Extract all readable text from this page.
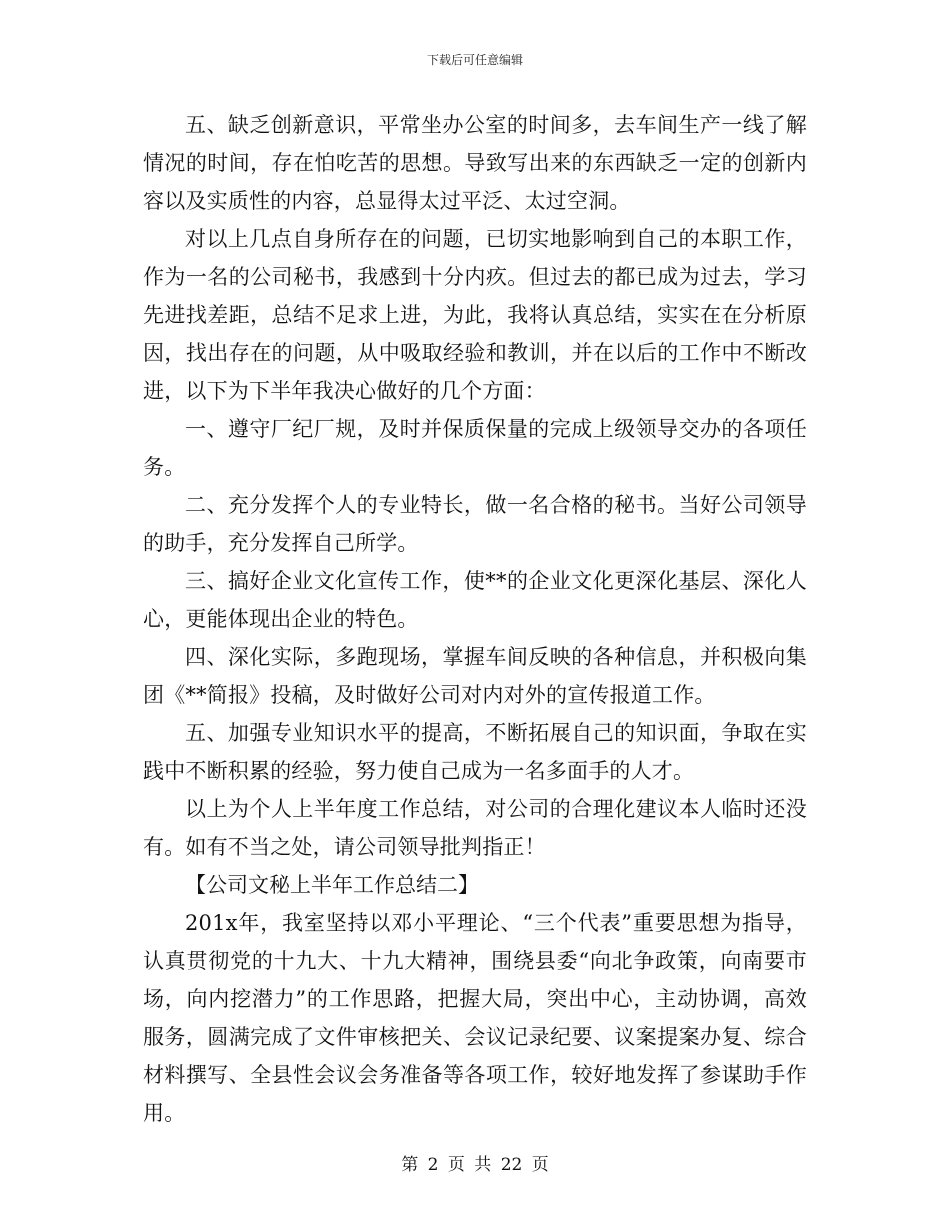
下载后可任意编辑

五、缺乏创新意识，平常坐办公室的时间多，去车间生产一线了解情况的时间，存在怕吃苦的思想。导致写出来的东西缺乏一定的创新内容以及实质性的内容，总显得太过平泛、太过空洞。

对以上几点自身所存在的问题，已切实地影响到自己的本职工作，作为一名的公司秘书，我感到十分内疚。但过去的都已成为过去，学习先进找差距，总结不足求上进，为此，我将认真总结，实实在在分析原因，找出存在的问题，从中吸取经验和教训，并在以后的工作中不断改进，以下为下半年我决心做好的几个方面：

一、遵守厂纪厂规，及时并保质保量的完成上级领导交办的各项任务。

二、充分发挥个人的专业特长，做一名合格的秘书。当好公司领导的助手，充分发挥自己所学。

三、搞好企业文化宣传工作，使**的企业文化更深化基层、深化人心，更能体现出企业的特色。

四、深化实际，多跑现场，掌握车间反映的各种信息，并积极向集团《**简报》投稿，及时做好公司对内对外的宣传报道工作。

五、加强专业知识水平的提高，不断拓展自己的知识面，争取在实践中不断积累的经验，努力使自己成为一名多面手的人才。

以上为个人上半年度工作总结，对公司的合理化建议本人临时还没有。如有不当之处，请公司领导批判指正！

【公司文秘上半年工作总结二】

201x年，我室坚持以邓小平理论、“三个代表”重要思想为指导，认真贯彻党的十九大、十九大精神，围绕县委“向北争政策，向南要市场，向内挖潜力”的工作思路，把握大局，突出中心，主动协调，高效服务，圆满完成了文件审核把关、会议记录纪要、议案提案办复、综合材料撰写、全县性会议会务准备等各项工作，较好地发挥了参谋助手作用。

第 2 页 共 22 页
